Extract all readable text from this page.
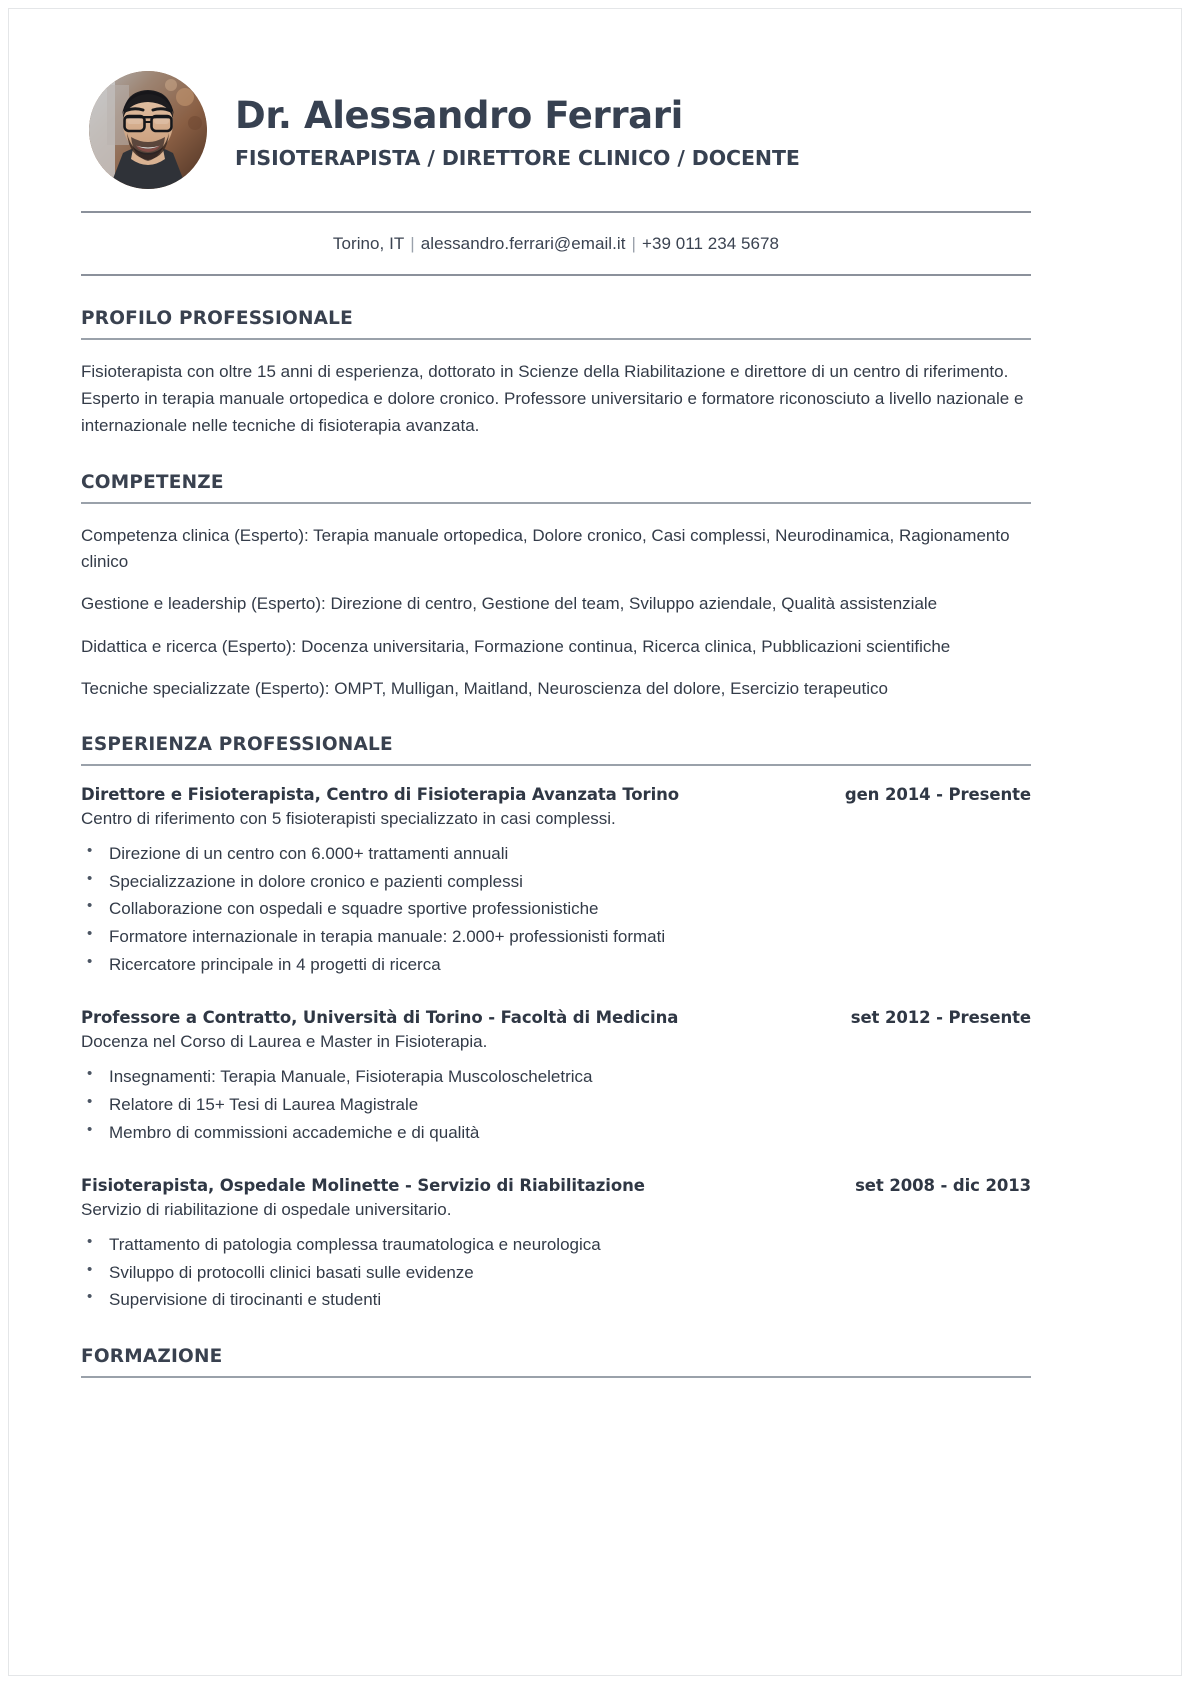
Dr. Alessandro Ferrari
FISIOTERAPISTA / DIRETTORE CLINICO / DOCENTE
Torino, IT | alessandro.ferrari@email.it | +39 011 234 5678
PROFILO PROFESSIONALE
Fisioterapista con oltre 15 anni di esperienza, dottorato in Scienze della Riabilitazione e direttore di un centro di riferimento. Esperto in terapia manuale ortopedica e dolore cronico. Professore universitario e formatore riconosciuto a livello nazionale e internazionale nelle tecniche di fisioterapia avanzata.
COMPETENZE
Competenza clinica (Esperto): Terapia manuale ortopedica, Dolore cronico, Casi complessi, Neurodinamica, Ragionamento clinico
Gestione e leadership (Esperto): Direzione di centro, Gestione del team, Sviluppo aziendale, Qualità assistenziale
Didattica e ricerca (Esperto): Docenza universitaria, Formazione continua, Ricerca clinica, Pubblicazioni scientifiche
Tecniche specializzate (Esperto): OMPT, Mulligan, Maitland, Neuroscienza del dolore, Esercizio terapeutico
ESPERIENZA PROFESSIONALE
Direttore e Fisioterapista, Centro di Fisioterapia Avanzata Torino	gen 2014 - Presente
Centro di riferimento con 5 fisioterapisti specializzato in casi complessi.
• Direzione di un centro con 6.000+ trattamenti annuali
• Specializzazione in dolore cronico e pazienti complessi
• Collaborazione con ospedali e squadre sportive professionistiche
• Formatore internazionale in terapia manuale: 2.000+ professionisti formati
• Ricercatore principale in 4 progetti di ricerca
Professore a Contratto, Università di Torino - Facoltà di Medicina	set 2012 - Presente
Docenza nel Corso di Laurea e Master in Fisioterapia.
• Insegnamenti: Terapia Manuale, Fisioterapia Muscoloscheletrica
• Relatore di 15+ Tesi di Laurea Magistrale
• Membro di commissioni accademiche e di qualità
Fisioterapista, Ospedale Molinette - Servizio di Riabilitazione	set 2008 - dic 2013
Servizio di riabilitazione di ospedale universitario.
• Trattamento di patologia complessa traumatologica e neurologica
• Sviluppo di protocolli clinici basati sulle evidenze
• Supervisione di tirocinanti e studenti
FORMAZIONE
